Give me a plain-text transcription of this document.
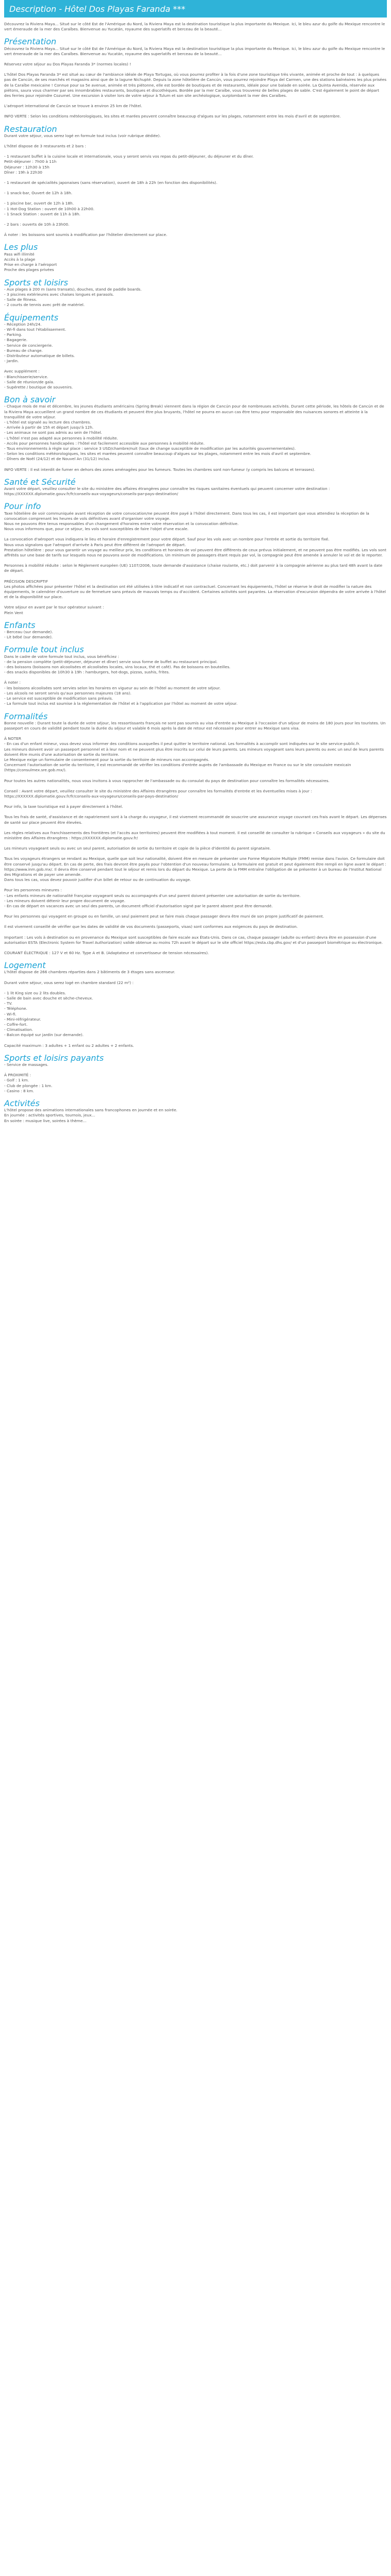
Description - Hôtel Dos Playas Faranda ***

Découvrez la Riviera Maya... Situé sur le côté Est de l'Amérique du Nord, la Riviera Maya est la destination touristique la plus importante du Mexique. Ici, le bleu azur du golfe du Mexique rencontre le vert émeraude de la mer des Caraïbes. Bienvenue au Yucatán, royaume des superlatifs et berceau de la beauté...

Présentation

Découvrez la Riviera Maya... Situé sur le côté Est de l'Amérique du Nord, la Riviera Maya est la destination touristique la plus importante du Mexique. Ici, le bleu azur du golfe du Mexique rencontre le vert émeraude de la mer des Caraïbes. Bienvenue au Yucatán, royaume des superlatifs et berceau de la beauté...

Réservez votre séjour au Dos Playas Faranda 3* (normes locales) !

L'hôtel Dos Playas Faranda 3* est situé au cœur de l'ambiance idéale de Playa Tortugas, où vous pourrez profiter à la fois d'une zone touristique très vivante, animée et proche de tout : à quelques pas de Cancún, de ses marchés et magasins ainsi que de la lagune Nichupté. Depuis la zone hôtelière de Cancún, vous pourrez rejoindre Playa del Carmen, une des stations balnéaires les plus prisées de la Caraïbe mexicaine ! Connue pour sa 5e avenue, animée et très piétonne, elle est bordée de boutiques et de restaurants, idéale pour une balade en soirée. La Quinta Avenida, réservée aux piétons, saura vous charmer par ses innombrables restaurants, boutiques et discothèques. Bordée par la mer Caraïbe, vous trouverez de belles plages de sable. C'est également le point de départ des ferries pour rejoindre Cozumel. Une excursion à visiter lors de votre séjour à Tulum et son site archéologique, surplombant la mer des Caraïbes.

L'aéroport international de Cancún se trouve à environ 25 km de l'hôtel.

INFO VERTE : Selon les conditions météorologiques, les sites et marées peuvent connaître beaucoup d'algues sur les plages, notamment entre les mois d'avril et de septembre.

Restauration

Durant votre séjour, vous serez logé en formule tout inclus (voir rubrique dédiée).

L'hôtel dispose de 3 restaurants et 2 bars :

- 1 restaurant buffet à la cuisine locale et internationale, vous y seront servis vos repas du petit-déjeuner, du déjeuner et du dîner.
Petit-déjeuner : 7h00 à 11h
Déjeuner : 12h30 à 15h
Dîner : 19h à 22h30

- 1 restaurant de spécialités japonaises (sans réservation), ouvert de 18h à 22h (en fonction des disponibilités).

- 1 snack-bar, Ouvert de 12h à 18h.

- 1 piscine bar, ouvert de 12h à 18h.
- 1 Hot-Dog Station : ouvert de 10h00 à 22h00.
- 1 Snack Station : ouvert de 11h à 18h.

- 2 bars : ouverts de 10h à 23h00.

À noter : les boissons sont soumis à modification par l'hôtelier directement sur place.

Les plus

Pass wifi illimité
Accès à la plage
Prise en charge à l'aéroport
Proche des plages privées

Sports et loisirs

- Aux plages à 200 m (sans transats), douches, stand de paddle boards.
- 3 piscines extérieures avec chaises longues et parasols.
- Salle de fitness.
- 2 courts de tennis avec prêt de matériel.

Équipements

- Réception 24h/24.
- Wi-fi dans tout l'établissement.
- Parking.
- Bagagerie.
- Service de conciergerie.
- Bureau de change.
- Distributeur automatique de billets.
- Jardin.

Avec supplément :
- Blanchisserie/service.
- Salle de réunion/de gala.
- Supérette / boutique de souvenirs.

Bon à savoir

- Chaque mois de mai et décembre, les jeunes étudiants américains (Spring Break) viennent dans la région de Cancún pour de nombreuses activités. Durant cette période, les hôtels de Cancún et de la Riviera Maya accueillent un grand nombre de ces étudiants et peuvent être plus bruyants, l'hôtel ne pourra en aucun cas être tenu pour responsable des nuisances sonores et atteinte à la tranquillité de votre séjour.
- L'hôtel est signalé au lecture des chambres.
- Arrivée à partir de 15h et départ jusqu'à 12h.
- Les animaux ne sont pas admis au sein de l'hôtel.
- L'hôtel n'est pas adapté aux personnes à mobilité réduite.
- Accès pour personnes handicapées : l'hôtel est facilement accessible aux personnes à mobilité réduite.
- Tous environnements à règle sur place : service 3 USD/chambre/nuit (taux de change susceptible de modification par les autorités gouvernementales).
- Selon les conditions météorologiques, les sites et marées peuvent connaître beaucoup d'algues sur les plages, notamment entre les mois d'avril et septembre.
- Dîners de Noël (24/12) et de Nouvel An (31/12) inclus.

INFO VERTE : Il est interdit de fumer en dehors des zones aménagées pour les fumeurs. Toutes les chambres sont non-fumeur (y compris les balcons et terrasses).

Santé et Sécurité

Avant votre départ, veuillez consulter le site du ministère des affaires étrangères pour connaître les risques sanitaires éventuels qui peuvent concerner votre destination : https://XXXXXX.diplomatie.gouv.fr/fr/conseils-aux-voyageurs/conseils-par-pays-destination/

Pour info

Taxe hôtelière de voir communiquée avant réception de votre convocation/ne peuvent être payé à l'hôtel directement. Dans tous les cas, il est important que vous attendiez la réception de la convocation comprenant les heures de vols définitives avant d'organiser votre voyage.
Nous ne pouvons être tenus responsables d'un changement d'horaires entre votre réservation et la convocation définitive.
Nous vous informons que, pour ce séjour, les vols sont susceptibles de faire l'objet d'une escale.

La convocation d'aéroport vous indiquera le lieu et horaire d'enregistrement pour votre départ. Sauf pour les vols avec un nombre pour l'entrée et sortie du territoire fixé.
Nous vous signalons que l'aéroport d'arrivée à Paris peut être différent de l'aéroport de départ.
Prestation hôtelière : pour vous garantir un voyage au meilleur prix, les conditions et horaires de vol peuvent être différents de ceux prévus initialement, et ne peuvent pas être modifiés. Les vols sont affrétés sur une base de tarifs sur lesquels nous ne pouvons avoir de modifications. Un minimum de passagers étant requis par vol, la compagnie peut être amenée à annuler le vol et de le reporter.

Personnes à mobilité réduite : selon le Règlement européen (UE) 1107/2006, toute demande d'assistance (chaise roulante, etc.) doit parvenir à la compagnie aérienne au plus tard 48h avant la date de départ.

PRÉCISION DESCRIPTIF
Les photos affichées pour présenter l'hôtel et la destination ont été utilisées à titre indicatif et non contractuel. Concernant les équipements, l'hôtel se réserve le droit de modifier la nature des équipements, le calendrier d'ouverture ou de fermeture sans préavis de mauvais temps ou d'accident. Certaines activités sont payantes. La réservation d'excursion dépendra de votre arrivée à l'hôtel et de la disponibilité sur place.

Votre séjour en avant par le tour opérateur suivant :
Plein Vent

Enfants

- Berceau (sur demande).
- Lit bébé (sur demande).

Formule tout inclus

Dans le cadre de votre formule tout inclus, vous bénéficiez :
- de la pension complète (petit-déjeuner, déjeuner et dîner) servie sous forme de buffet au restaurant principal.
- des boissons (boissons non alcoolisées et alcoolisées locales, vins locaux, thé et café). Pas de boissons en bouteilles.
- des snacks disponibles de 10h30 à 19h : hamburgers, hot-dogs, pizzas, sushis, frites.

À noter :
- les boissons alcoolisées sont servies selon les horaires en vigueur au sein de l'hôtel au moment de votre séjour.
- Les alcools ne seront servis qu'aux personnes majeures (18 ans).
- Le service est susceptible de modification sans préavis.
- La formule tout inclus est soumise à la réglementation de l'hôtel et à l'application par l'hôtel au moment de votre séjour.

Formalités

Bonne nouvelle : Durant toute la durée de votre séjour, les ressortissants français ne sont pas soumis au visa d'entrée au Mexique à l'occasion d'un séjour de moins de 180 jours pour les touristes. Un passeport en cours de validité pendant toute la durée du séjour et valable 6 mois après la date de retour est nécessaire pour entrer au Mexique sans visa.

À NOTER
- En cas d'un enfant mineur, vous devez vous informer des conditions auxquelles il peut quitter le territoire national. Les formalités à accomplir sont indiquées sur le site service-public.fr.
Les mineurs doivent avoir un passeport personnel et à leur nom et ne peuvent plus être inscrits sur celui de leurs parents. Les mineurs voyageant sans leurs parents ou avec un seul de leurs parents doivent être munis d'une autorisation de sortie du territoire.
Le Mexique exige un formulaire de consentement pour la sortie du territoire de mineurs non accompagnés.
Concernant l'autorisation de sortie du territoire, il est recommandé de vérifier les conditions d'entrée auprès de l'ambassade du Mexique en France ou sur le site consulaire mexicain (https://consulmex.sre.gob.mx/).

Pour toutes les autres nationalités, nous vous invitons à vous rapprocher de l'ambassade ou du consulat du pays de destination pour connaître les formalités nécessaires.

Conseil : Avant votre départ, veuillez consulter le site du ministère des Affaires étrangères pour connaître les formalités d'entrée et les éventuelles mises à jour : https://XXXXXX.diplomatie.gouv.fr/fr/conseils-aux-voyageurs/conseils-par-pays-destination/

Pour info, la taxe touristique est à payer directement à l'hôtel.

Tous les frais de santé, d'assistance et de rapatriement sont à la charge du voyageur, il est vivement recommandé de souscrire une assurance voyage couvrant ces frais avant le départ. Les dépenses de santé sur place peuvent être élevées.

Les règles relatives aux franchissements des frontières (et l'accès aux territoires) peuvent être modifiées à tout moment. Il est conseillé de consulter la rubrique « Conseils aux voyageurs » du site du ministère des Affaires étrangères : https://XXXXXX.diplomatie.gouv.fr/

Les mineurs voyageant seuls ou avec un seul parent, autorisation de sortie du territoire et copie de la pièce d'identité du parent signataire.

Tous les voyageurs étrangers se rendant au Mexique, quelle que soit leur nationalité, doivent être en mesure de présenter une Forme Migratoire Multiple (FMM) remise dans l'avion. Ce formulaire doit être conservé jusqu'au départ. En cas de perte, des frais devront être payés pour l'obtention d'un nouveau formulaire. Le formulaire est gratuit et peut également être rempli en ligne avant le départ : https://www.inm.gob.mx/. Il devra être conservé pendant tout le séjour et remis lors du départ du Mexique. La perte de la FMM entraîne l'obligation de se présenter à un bureau de l'Institut National des Migrations et de payer une amende.
Dans tous les cas, vous devez pouvoir justifier d'un billet de retour ou de continuation du voyage.

Pour les personnes mineures :
- Les enfants mineurs de nationalité française voyageant seuls ou accompagnés d'un seul parent doivent présenter une autorisation de sortie du territoire.
- Les mineurs doivent détenir leur propre document de voyage.
- En cas de départ en vacances avec un seul des parents, un document officiel d'autorisation signé par le parent absent peut être demandé.

Pour les personnes qui voyagent en groupe ou en famille, un seul paiement peut se faire mais chaque passager devra être muni de son propre justificatif de paiement.

Il est vivement conseillé de vérifier que les dates de validité de vos documents (passeports, visas) sont conformes aux exigences du pays de destination.

Important : Les vols à destination ou en provenance du Mexique sont susceptibles de faire escale aux États-Unis. Dans ce cas, chaque passager (adulte ou enfant) devra être en possession d'une autorisation ESTA (Electronic System for Travel Authorization) valide obtenue au moins 72h avant le départ sur le site officiel https://esta.cbp.dhs.gov/ et d'un passeport biométrique ou électronique.

COURANT ÉLECTRIQUE : 127 V et 60 Hz. Type A et B. (Adaptateur et convertisseur de tension nécessaires).

Logement

L'hôtel dispose de 266 chambres réparties dans 2 bâtiments de 3 étages sans ascenseur.

Durant votre séjour, vous serez logé en chambre standard (22 m²) :

- 1 lit King size ou 2 lits doubles.
- Salle de bain avec douche et sèche-cheveux.
- TV.
- Téléphone.
- Wi-fi.
- Mini-réfrigérateur.
- Coffre-fort.
- Climatisation.
- Balcon équipé sur jardin (sur demande).

Capacité maximum : 3 adultes + 1 enfant ou 2 adultes + 2 enfants.

Sports et loisirs payants

- Service de massages.

À PROXIMITÉ :
- Golf : 1 km.
- Club de plongée : 1 km.
- Casino : 8 km.

Activités

L'hôtel propose des animations internationales sans francophones en journée et en soirée.
En journée : activités sportives, tournois, jeux...
En soirée : musique live, soirées à thème...
